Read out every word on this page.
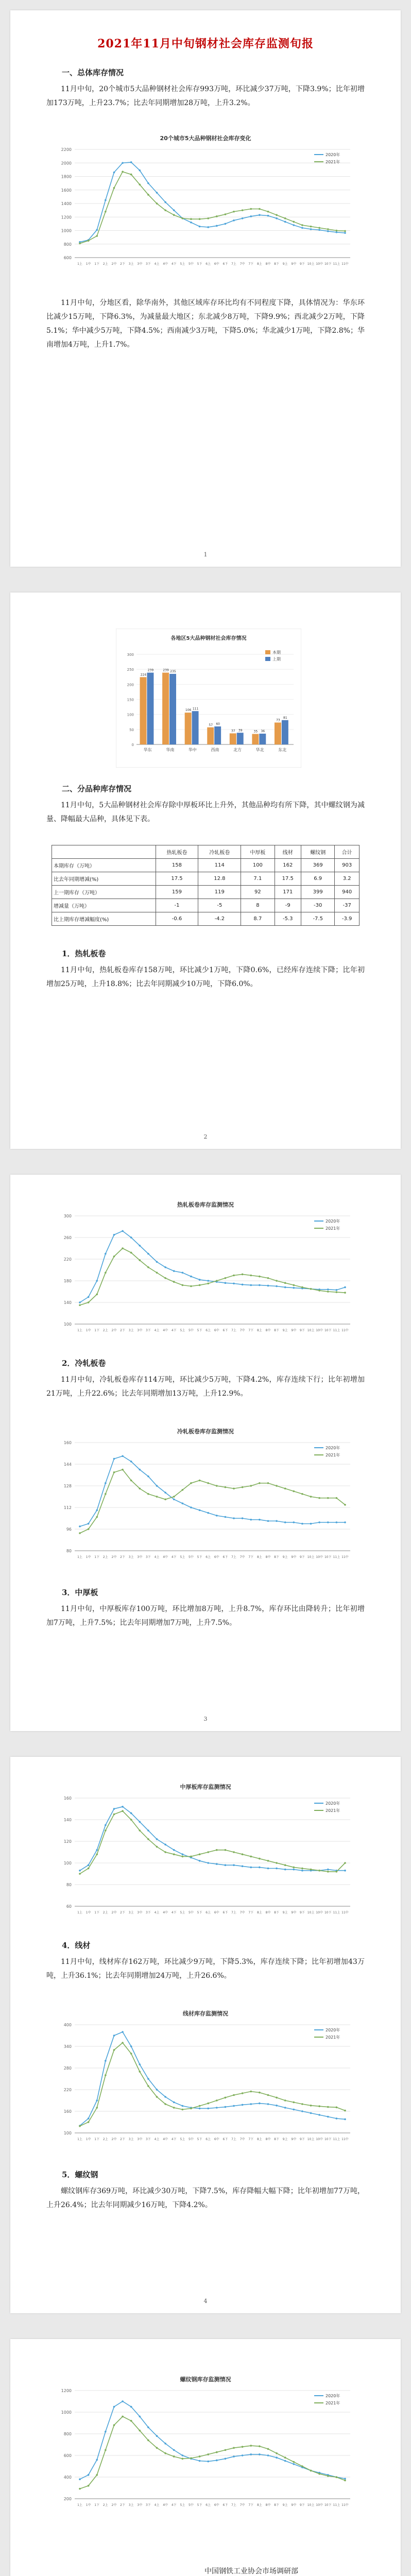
2021年11月中旬钢材社会库存监测旬报
一、总体库存情况
11月中旬，20个城市5大品种钢材社会库存993万吨，环比减少37万吨，下降3.9%；比年初增加173万吨，上升23.7%；比去年同期增加28万吨，上升3.2%。
20个城市5大品种钢材社会库存变化
600
800
1000
1200
1400
1600
1800
2000
2200
1上 1中 1下 2上 2中 2下 3上 3中 3下 4上 4中 4下 5上 5中 5下 6上 6中 6下 7上 7中 7下 8上 8中 8下 9上 9中 9下 10上 10中 10下 11上 11中
2020年
2021年
11月中旬，分地区看，除华南外，其他区域库存环比均有不同程度下降，具体情况为：华东环比减少15万吨，下降6.3%，为减量最大地区；东北减少8万吨，下降9.9%；西北减少2万吨，下降5.1%；华中减少5万吨，下降4.5%；西南减少3万吨，下降5.0%；华北减少1万吨，下降2.8%；华南增加4万吨，上升1.7%。
1
各地区5大品种钢材社会库存情况
0
50
100
150
200
250
300
224
239
华东
239 235
华南
106 111
华中
57 60
西南
37 39
北方
35 36
华北
73
81
东北
本期
上期
二、分品种库存情况
11月中旬，5大品种钢材社会库存除中厚板环比上升外，其他品种均有所下降，其中螺纹钢为减量、降幅最大品种，具体见下表。
	热轧板卷	冷轧板卷	中厚板	线材	螺纹钢	合计
本期库存（万吨）	158	114	100	162	369	903
比去年同期增减(%)	17.5	12.8	7.1	17.5	6.9	3.2
上一期库存（万吨）	159	119	92	171	399	940
增减量（万吨）	-1	-5	8	-9	-30	-37
比上期库存增减幅度(%)	-0.6	-4.2	8.7	-5.3	-7.5	-3.9
1．热轧板卷
11月中旬，热轧板卷库存158万吨，环比减少1万吨，下降0.6%，已经库存连续下降；比年初增加25万吨，上升18.8%；比去年同期减少10万吨，下降6.0%。
2
热轧板卷库存监测情况
100
140
180
220
260
300
1上 1中 1下 2上 2中 2下 3上 3中 3下 4上 4中 4下 5上 5中 5下 6上 6中 6下 7上 7中 7下 8上 8中 8下 9上 9中 9下 10上 10中 10下 11上 11中
2020年
2021年
2．冷轧板卷
11月中旬，冷轧板卷库存114万吨，环比减少5万吨，下降4.2%，库存连续下行；比年初增加21万吨，上升22.6%；比去年同期增加13万吨，上升12.9%。
冷轧板卷库存监测情况
80
96
112
128
144
160
1上 1中 1下 2上 2中 2下 3上 3中 3下 4上 4中 4下 5上 5中 5下 6上 6中 6下 7上 7中 7下 8上 8中 8下 9上 9中 9下 10上 10中 10下 11上 11中
2020年
2021年
3．中厚板
11月中旬，中厚板库存100万吨，环比增加8万吨，上升8.7%，库存环比由降转升；比年初增加7万吨，上升7.5%；比去年同期增加7万吨，上升7.5%。
3
中厚板库存监测情况
60
80
100
120
140
160
1上 1中 1下 2上 2中 2下 3上 3中 3下 4上 4中 4下 5上 5中 5下 6上 6中 6下 7上 7中 7下 8上 8中 8下 9上 9中 9下 10上 10中 10下 11上 11中
2020年
2021年
4．线材
11月中旬，线材库存162万吨，环比减少9万吨，下降5.3%，库存连续下降；比年初增加43万吨，上升36.1%；比去年同期增加24万吨，上升26.6%。
线材库存监测情况
100
160
220
280
340
400
1上 1中 1下 2上 2中 2下 3上 3中 3下 4上 4中 4下 5上 5中 5下 6上 6中 6下 7上 7中 7下 8上 8中 8下 9上 9中 9下 10上 10中 10下 11上 11中
2020年
2021年
5．螺纹钢
螺纹钢库存369万吨，环比减少30万吨，下降7.5%，库存降幅大幅下降；比年初增加77万吨，上升26.4%；比去年同期减少16万吨，下降4.2%。
4
螺纹钢库存监测情况
200
400
600
800
1000
1200
1上 1中 1下 2上 2中 2下 3上 3中 3下 4上 4中 4下 5上 5中 5下 6上 6中 6下 7上 7中 7下 8上 8中 8下 9上 9中 9下 10上 10中 10下 11上 11中
2020年
2021年
中国钢铁工业协会市场调研部
